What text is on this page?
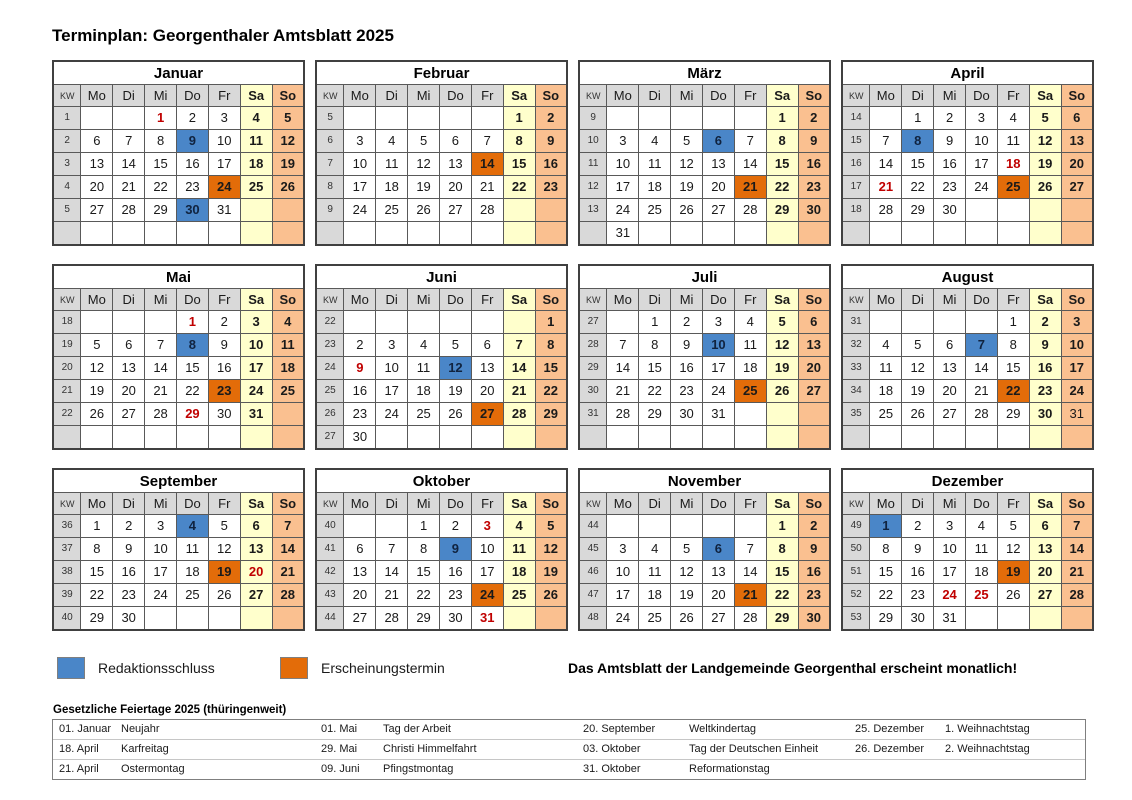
Terminplan: Georgenthaler Amtsblatt 2025
Januar							
KW	Mo	Di	Mi	Do	Fr	Sa	So
1			1	2	3	4	5
2	6	7	8	9	10	11	12
3	13	14	15	16	17	18	19
4	20	21	22	23	24	25	26
5	27	28	29	30	31		

Februar							
KW	Mo	Di	Mi	Do	Fr	Sa	So
5						1	2
6	3	4	5	6	7	8	9
7	10	11	12	13	14	15	16
8	17	18	19	20	21	22	23
9	24	25	26	27	28		

März							
KW	Mo	Di	Mi	Do	Fr	Sa	So
9						1	2
10	3	4	5	6	7	8	9
11	10	11	12	13	14	15	16
12	17	18	19	20	21	22	23
13	24	25	26	27	28	29	30
	31						
April							
KW	Mo	Di	Mi	Do	Fr	Sa	So
14		1	2	3	4	5	6
15	7	8	9	10	11	12	13
16	14	15	16	17	18	19	20
17	21	22	23	24	25	26	27
18	28	29	30				

Mai							
KW	Mo	Di	Mi	Do	Fr	Sa	So
18				1	2	3	4
19	5	6	7	8	9	10	11
20	12	13	14	15	16	17	18
21	19	20	21	22	23	24	25
22	26	27	28	29	30	31	

Juni							
KW	Mo	Di	Mi	Do	Fr	Sa	So
22							1
23	2	3	4	5	6	7	8
24	9	10	11	12	13	14	15
25	16	17	18	19	20	21	22
26	23	24	25	26	27	28	29
27	30						
Juli							
KW	Mo	Di	Mi	Do	Fr	Sa	So
27		1	2	3	4	5	6
28	7	8	9	10	11	12	13
29	14	15	16	17	18	19	20
30	21	22	23	24	25	26	27
31	28	29	30	31			

August							
KW	Mo	Di	Mi	Do	Fr	Sa	So
31					1	2	3
32	4	5	6	7	8	9	10
33	11	12	13	14	15	16	17
34	18	19	20	21	22	23	24
35	25	26	27	28	29	30	31

September							
KW	Mo	Di	Mi	Do	Fr	Sa	So
36	1	2	3	4	5	6	7
37	8	9	10	11	12	13	14
38	15	16	17	18	19	20	21
39	22	23	24	25	26	27	28
40	29	30					
Oktober							
KW	Mo	Di	Mi	Do	Fr	Sa	So
40			1	2	3	4	5
41	6	7	8	9	10	11	12
42	13	14	15	16	17	18	19
43	20	21	22	23	24	25	26
44	27	28	29	30	31		
November							
KW	Mo	Di	Mi	Do	Fr	Sa	So
44						1	2
45	3	4	5	6	7	8	9
46	10	11	12	13	14	15	16
47	17	18	19	20	21	22	23
48	24	25	26	27	28	29	30
Dezember							
KW	Mo	Di	Mi	Do	Fr	Sa	So
49	1	2	3	4	5	6	7
50	8	9	10	11	12	13	14
51	15	16	17	18	19	20	21
52	22	23	24	25	26	27	28
53	29	30	31				
Redaktionsschluss	Erscheinungstermin	Das Amtsblatt der Landgemeinde Georgenthal erscheint monatlich!
Gesetzliche Feiertage 2025 (thüringenweit)
01. Januar Neujahr	01. Mai	Tag der Arbeit	20. September	Weltkindertag	25. Dezember	1. Weihnachtstag
18. April	Karfreitag	29. Mai	Christi Himmelfahrt	03. Oktober	Tag der Deutschen Einheit	26. Dezember	2. Weihnachtstag
21. April	Ostermontag	09. Juni	Pfingstmontag	31. Oktober	Reformationstag
